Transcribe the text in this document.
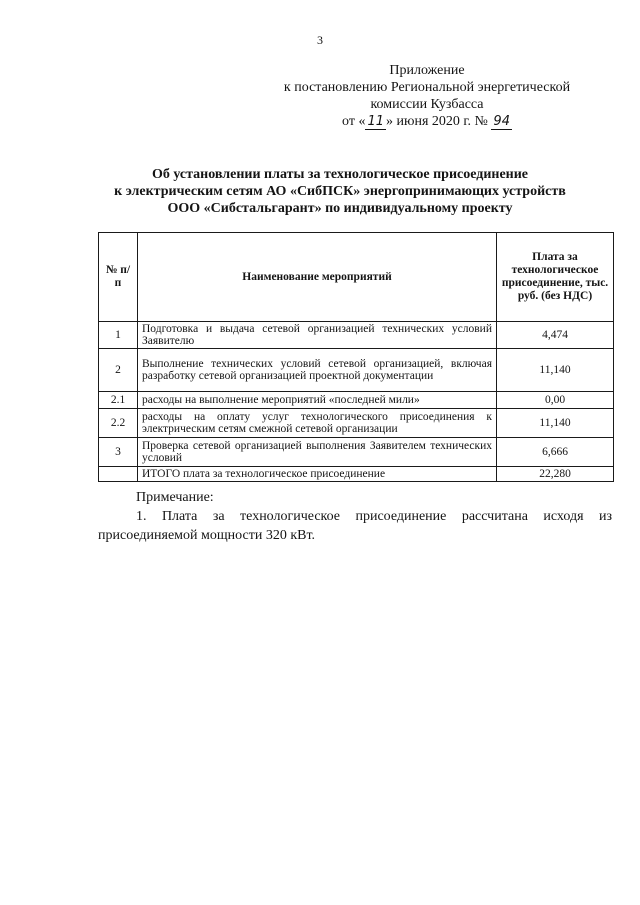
3
Приложение
к постановлению Региональной энергетической
комиссии Кузбасса
от « 11 » июня 2020 г. № 94
Об установлении платы за технологическое присоединение
к электрическим сетям АО «СибПСК» энергопринимающих устройств
ООО «Сибстальгарант» по индивидуальному проекту
№ п/п	Наименование мероприятий	Плата за технологическое присоединение, тыс. руб. (без НДС)
1	Подготовка и выдача сетевой организацией технических условий Заявителю	4,474
2	Выполнение технических условий сетевой организацией, включая разработку сетевой организацией проектной документации	11,140
2.1	расходы на выполнение мероприятий «последней мили»	0,00
2.2	расходы на оплату услуг технологического присоединения к электрическим сетям смежной сетевой организации	11,140
3	Проверка сетевой организацией выполнения Заявителем технических условий	6,666
	ИТОГО плата за технологическое присоединение	22,280
Примечание:
1. Плата за технологическое присоединение рассчитана исходя из присоединяемой мощности 320 кВт.
